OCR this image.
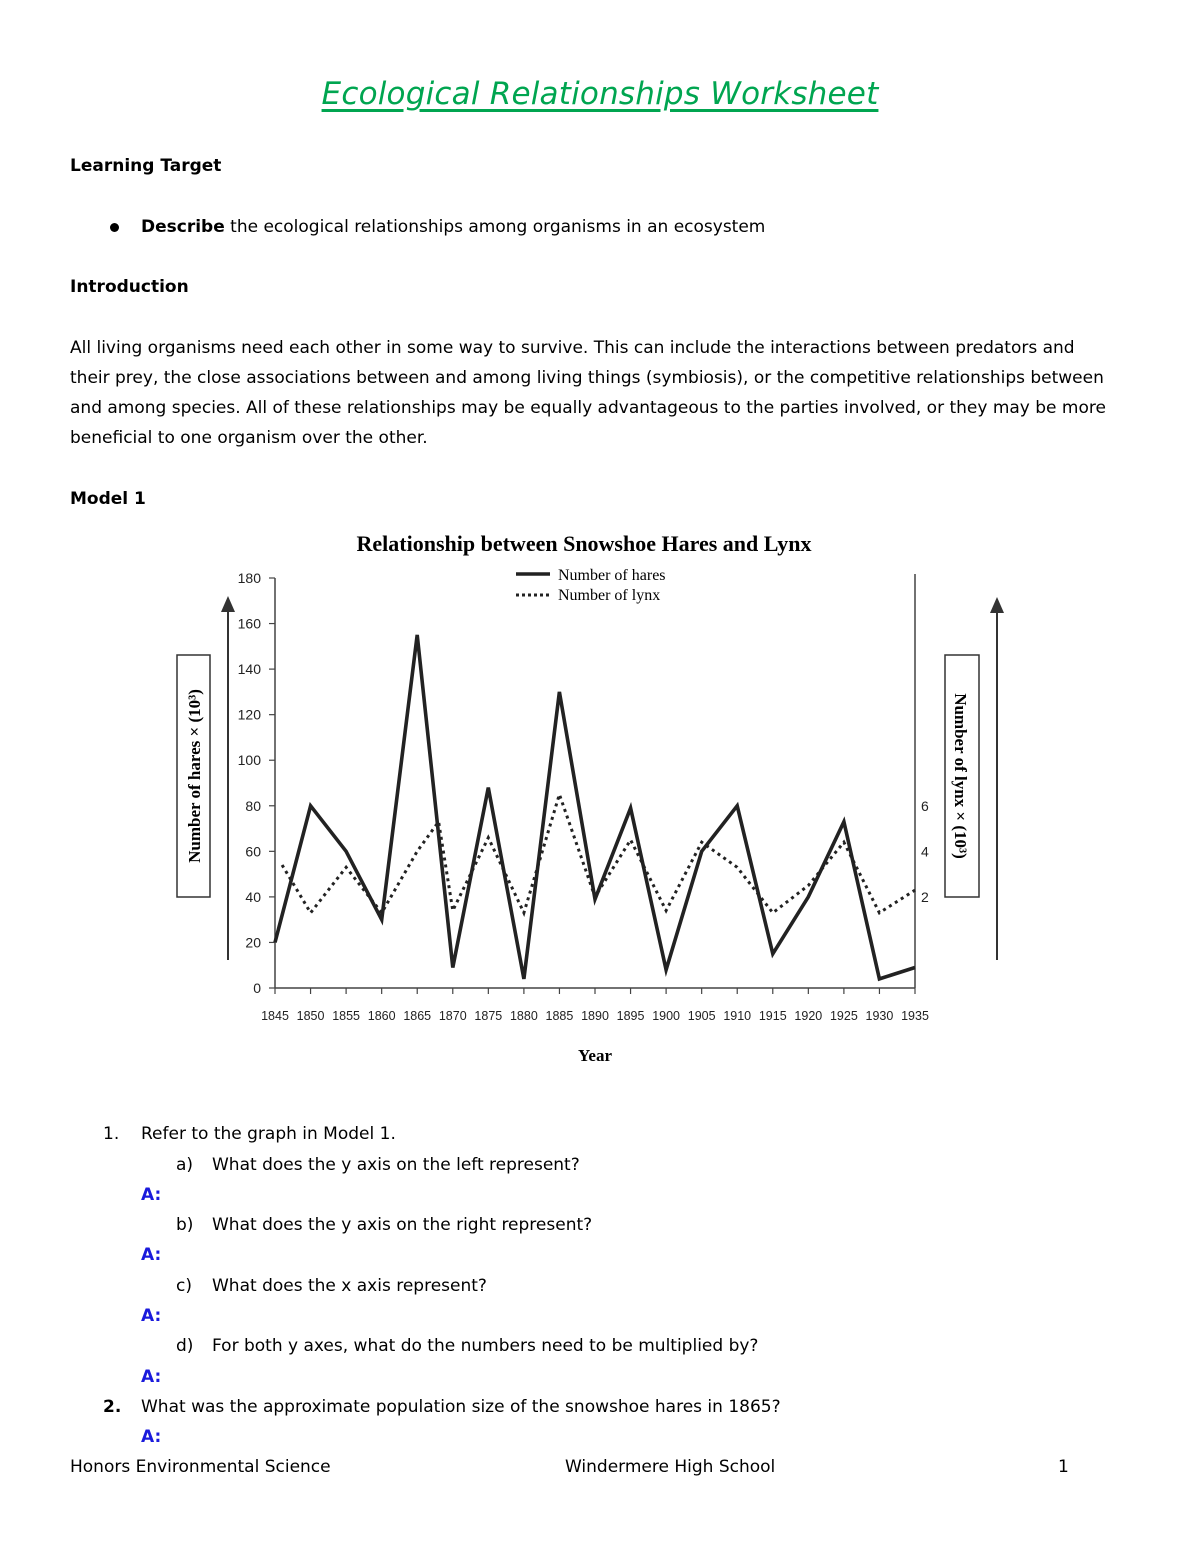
Ecological Relationships Worksheet
Learning Target
Describe the ecological relationships among organisms in an ecosystem
Introduction
All living organisms need each other in some way to survive. This can include the interactions between predators and
their prey, the close associations between and among living things (symbiosis), or the competitive relationships between
and among species. All of these relationships may be equally advantageous to the parties involved, or they may be more
beneficial to one organism over the other.
Model 1
Relationship between Snowshoe Hares and Lynx
0
20
40
60
80
100
120
140
160
180
2
4
6
1845 1850 1855 1860 1865 1870 1875 1880 1885 1890 1895 1900 1905 1910 1915 1920 1925 1930 1935
Number of hares × (10³)	Number of lynx × (10³)
Number of hares
Number of lynx
Year
1. Refer to the graph in Model 1.
a) What does the y axis on the left represent?
A:
b) What does the y axis on the right represent?
A:
c) What does the x axis represent?
A:
d) For both y axes, what do the numbers need to be multiplied by?
A:
2. What was the approximate population size of the snowshoe hares in 1865?
A:
Honors Environmental Science	Windermere High School	1
